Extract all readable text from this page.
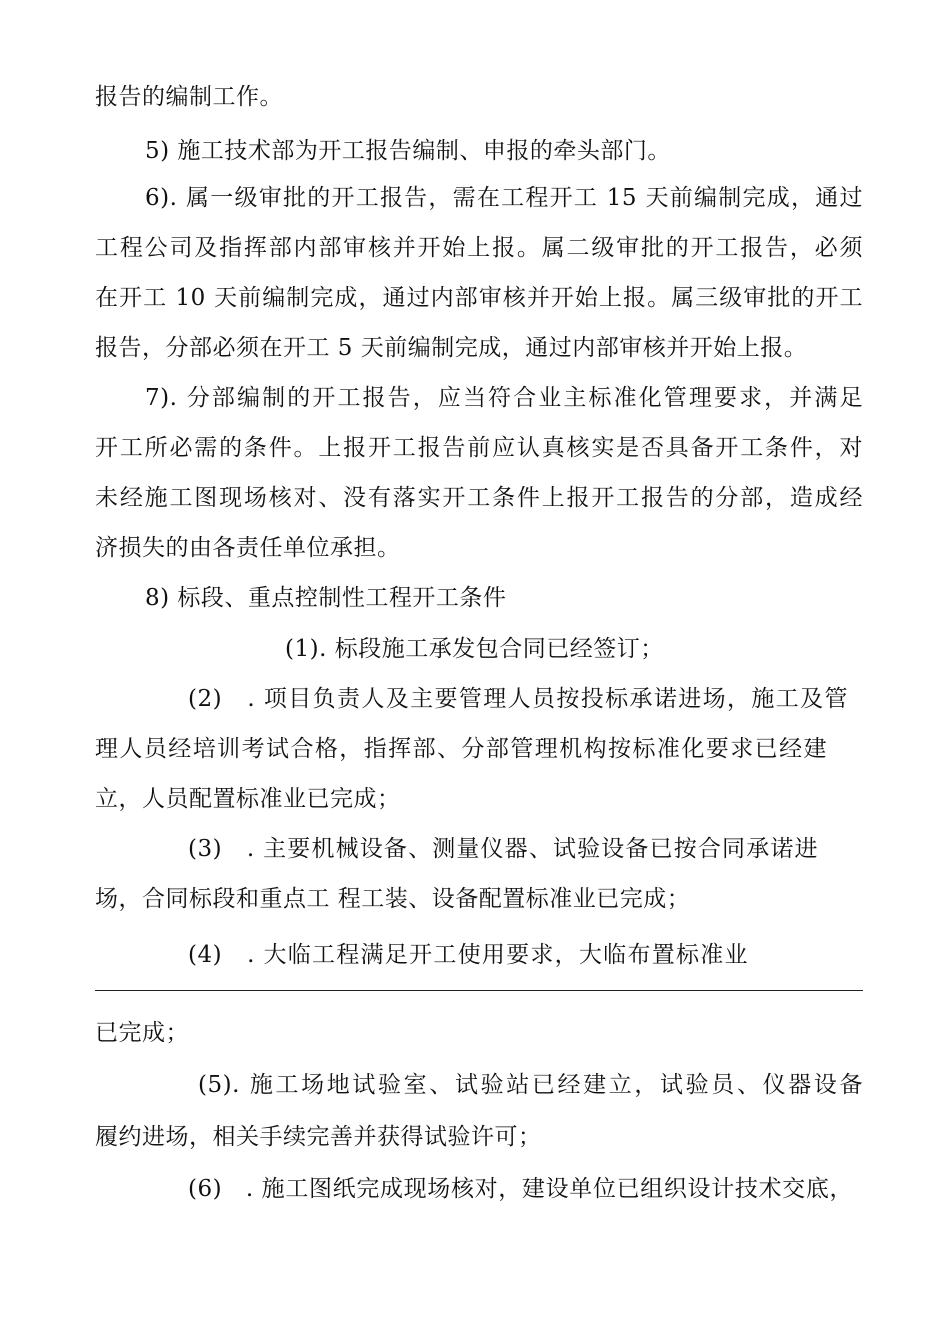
报告的编制工作。
5) 施工技术部为开工报告编制、申报的牵头部门。
6). 属一级审批的开工报告，需在工程开工 15 天前编制完成，通过
工程公司及指挥部内部审核并开始上报。属二级审批的开工报告，必须
在开工 10 天前编制完成，通过内部审核并开始上报。属三级审批的开工
报告，分部必须在开工 5 天前编制完成，通过内部审核并开始上报。
7). 分部编制的开工报告，应当符合业主标准化管理要求，并满足
开工所必需的条件。上报开工报告前应认真核实是否具备开工条件，对
未经施工图现场核对、没有落实开工条件上报开工报告的分部，造成经
济损失的由各责任单位承担。
8) 标段、重点控制性工程开工条件
(1). 标段施工承发包合同已经签订；
(2)　. 项目负责人及主要管理人员按投标承诺进场，施工及管
理人员经培训考试合格，指挥部、分部管理机构按标准化要求已经建
立，人员配置标准业已完成；
(3)　. 主要机械设备、测量仪器、试验设备已按合同承诺进
场，合同标段和重点工 程工装、设备配置标准业已完成；
(4)　. 大临工程满足开工使用要求，大临布置标准业
已完成；
(5). 施工场地试验室、试验站已经建立，试验员、仪器设备
履约进场，相关手续完善并获得试验许可；
(6)　. 施工图纸完成现场核对，建设单位已组织设计技术交底，
